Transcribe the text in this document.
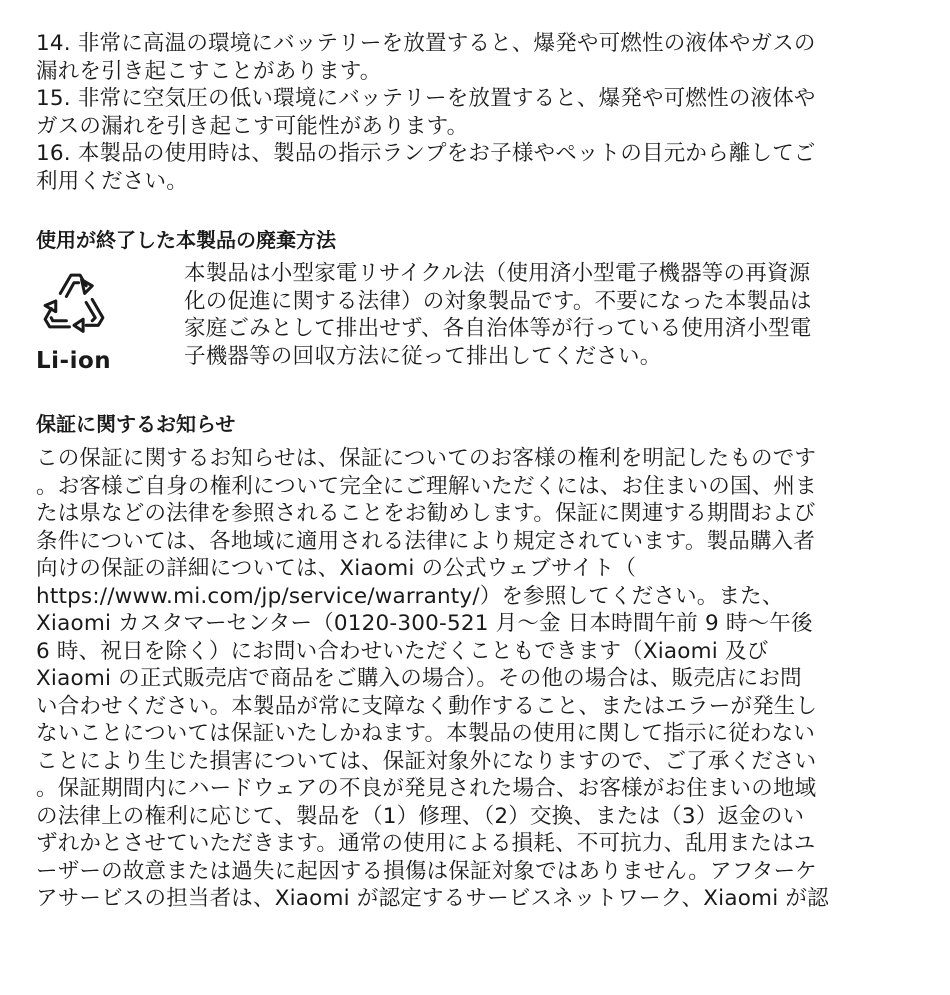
14. 非常に高温の環境にバッテリーを放置すると、爆発や可燃性の液体やガスの
漏れを引き起こすことがあります。
15. 非常に空気圧の低い環境にバッテリーを放置すると、爆発や可燃性の液体や
ガスの漏れを引き起こす可能性があります。
16. 本製品の使用時は、製品の指示ランプをお子様やペットの目元から離してご
利用ください。
使用が終了した本製品の廃棄方法
Li-ion
本製品は小型家電リサイクル法（使用済小型電子機器等の再資源
化の促進に関する法律）の対象製品です。不要になった本製品は
家庭ごみとして排出せず、各自治体等が行っている使用済小型電
子機器等の回収方法に従って排出してください。
保証に関するお知らせ
この保証に関するお知らせは、保証についてのお客様の権利を明記したものです
。お客様ご自身の権利について完全にご理解いただくには、お住まいの国、州ま
たは県などの法律を参照されることをお勧めします。保証に関連する期間および
条件については、各地域に適用される法律により規定されています。製品購入者
向けの保証の詳細については、Xiaomi の公式ウェブサイト（
https://www.mi.com/jp/service/warranty/）を参照してください。また、
Xiaomi カスタマーセンター（0120-300-521 月～金 日本時間午前 9 時～午後
6 時、祝日を除く）にお問い合わせいただくこともできます（Xiaomi 及び
Xiaomi の正式販売店で商品をご購入の場合）。その他の場合は、販売店にお問
い合わせください。本製品が常に支障なく動作すること、またはエラーが発生し
ないことについては保証いたしかねます。本製品の使用に関して指示に従わない
ことにより生じた損害については、保証対象外になりますので、ご了承ください
。保証期間内にハードウェアの不良が発見された場合、お客様がお住まいの地域
の法律上の権利に応じて、製品を（1）修理、（2）交換、または（3）返金のい
ずれかとさせていただきます。通常の使用による損耗、不可抗力、乱用またはユ
ーザーの故意または過失に起因する損傷は保証対象ではありません。アフターケ
アサービスの担当者は、Xiaomi が認定するサービスネットワーク、Xiaomi が認
